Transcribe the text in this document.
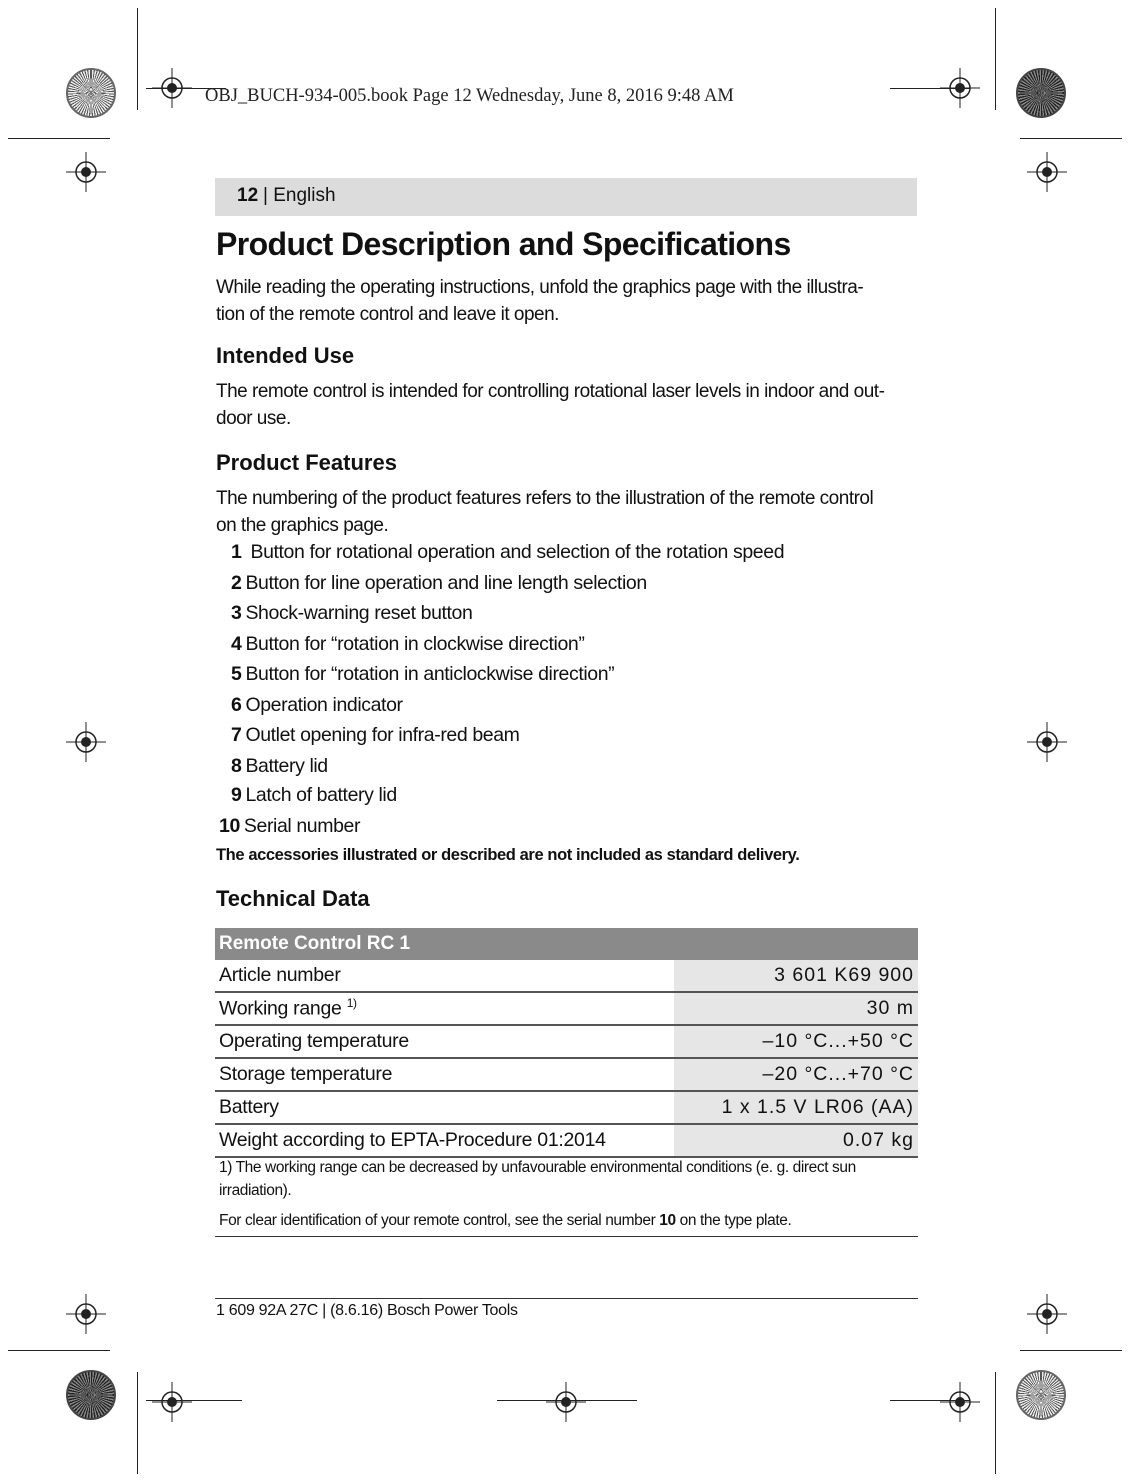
OBJ_BUCH-934-005.book Page 12 Wednesday, June 8, 2016 9:48 AM
12 | English
Product Description and Specifications
While reading the operating instructions, unfold the graphics page with the illustra-
tion of the remote control and leave it open.
Intended Use
The remote control is intended for controlling rotational laser levels in indoor and out-
door use.
Product Features
The numbering of the product features refers to the illustration of the remote control
on the graphics page.
1 Button for rotational operation and selection of the rotation speed
2 Button for line operation and line length selection
3 Shock-warning reset button
4 Button for “rotation in clockwise direction”
5 Button for “rotation in anticlockwise direction”
6 Operation indicator
7 Outlet opening for infra-red beam
8 Battery lid
9 Latch of battery lid
10 Serial number
The accessories illustrated or described are not included as standard delivery.
Technical Data
Remote Control RC 1	
Article number	3 601 K69 900
Working range $^{1)}$	30 m
Operating temperature	–10 °C...+50 °C
Storage temperature	–20 °C...+70 °C
Battery	1 x 1.5 V LR06 (AA)
Weight according to EPTA-Procedure 01:2014	0.07 kg
1) The working range can be decreased by unfavourable environmental conditions (e. g. direct sun
irradiation).
For clear identification of your remote control, see the serial number 10 on the type plate.
1 609 92A 27C | (8.6.16) Bosch Power Tools
